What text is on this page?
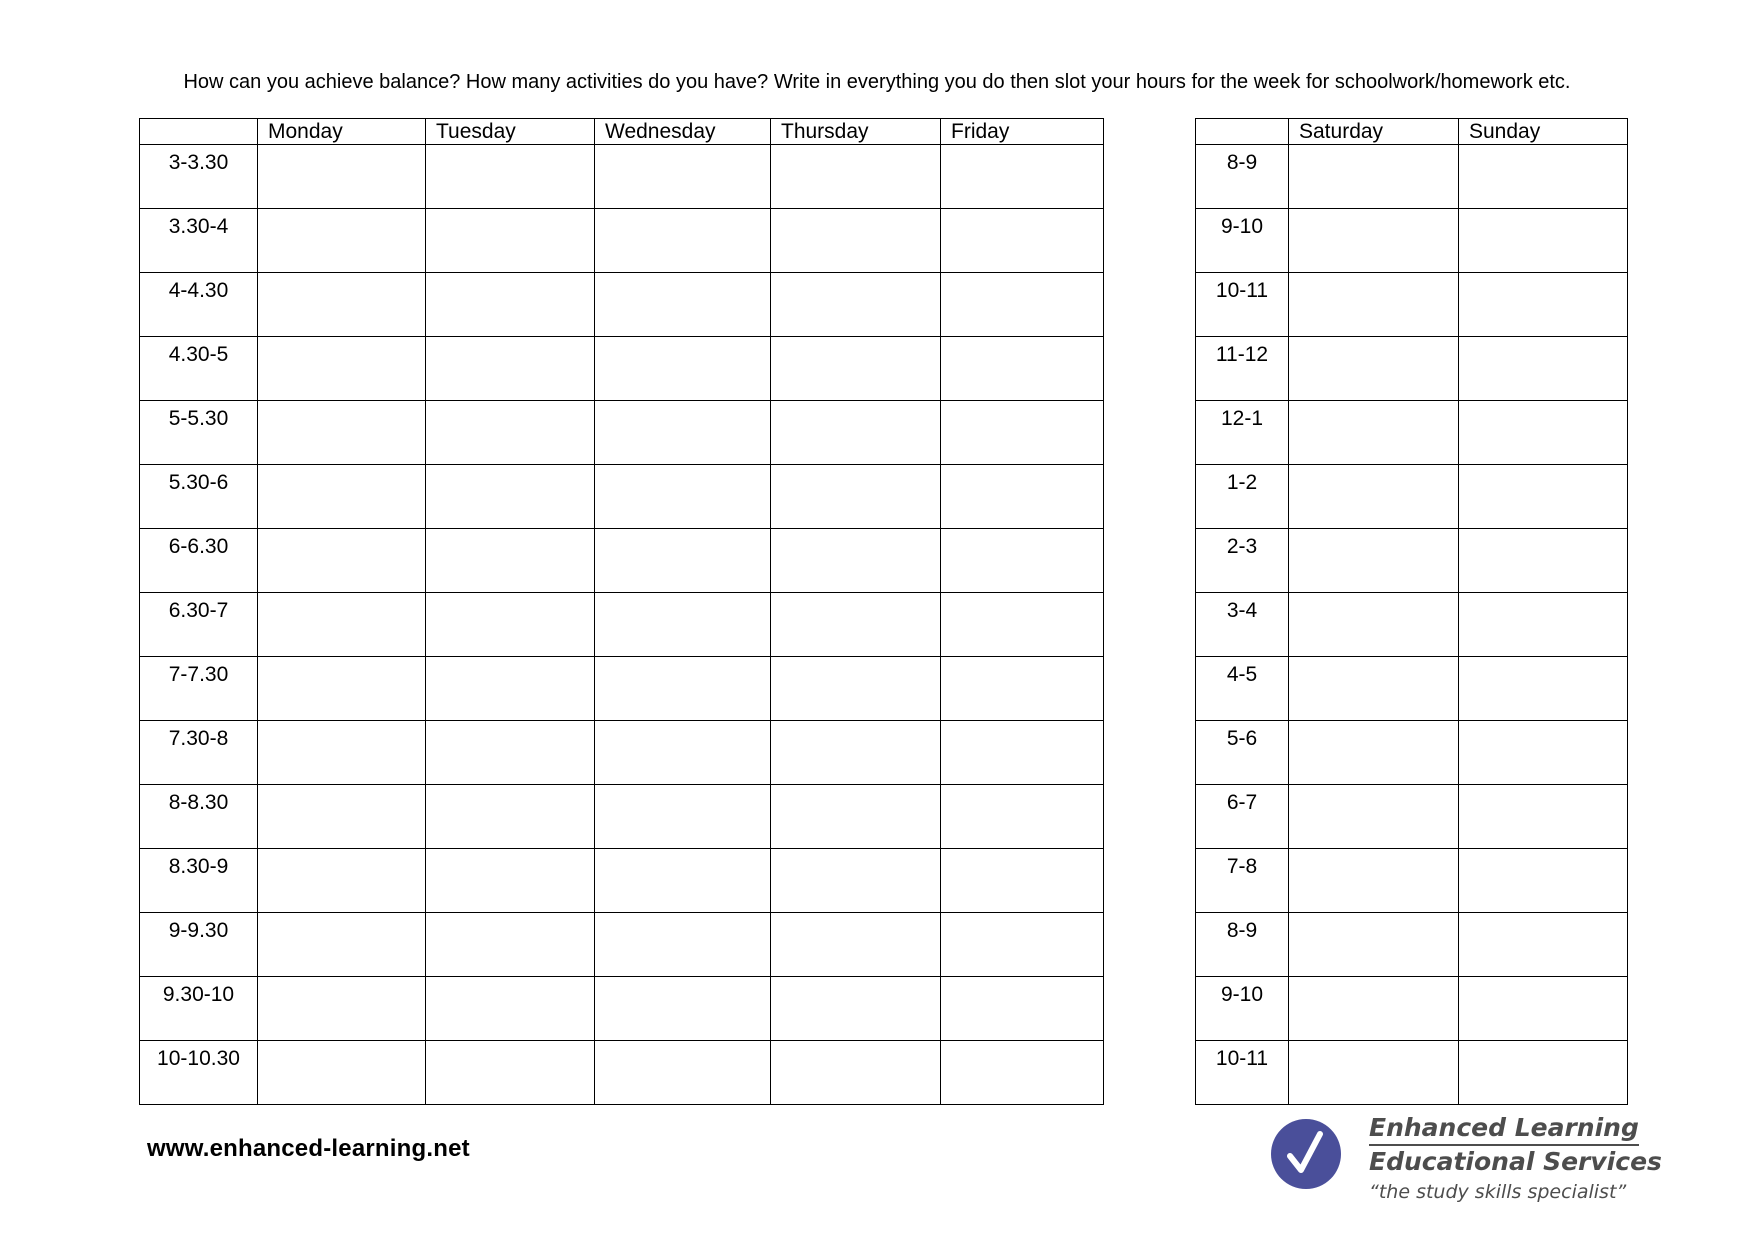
How can you achieve balance? How many activities do you have? Write in everything you do then slot your hours for the week for schoolwork/homework etc.
	Monday	Tuesday	Wednesday	Thursday	Friday
3-3.30					
3.30-4					
4-4.30					
4.30-5					
5-5.30					
5.30-6					
6-6.30					
6.30-7					
7-7.30					
7.30-8					
8-8.30					
8.30-9					
9-9.30					
9.30-10					
10-10.30					
	Saturday	Sunday
8-9		
9-10		
10-11		
11-12		
12-1		
1-2		
2-3		
3-4		
4-5		
5-6		
6-7		
7-8		
8-9		
9-10		
10-11		
www.enhanced-learning.net
Enhanced Learning
Educational Services
“the study skills specialist”
